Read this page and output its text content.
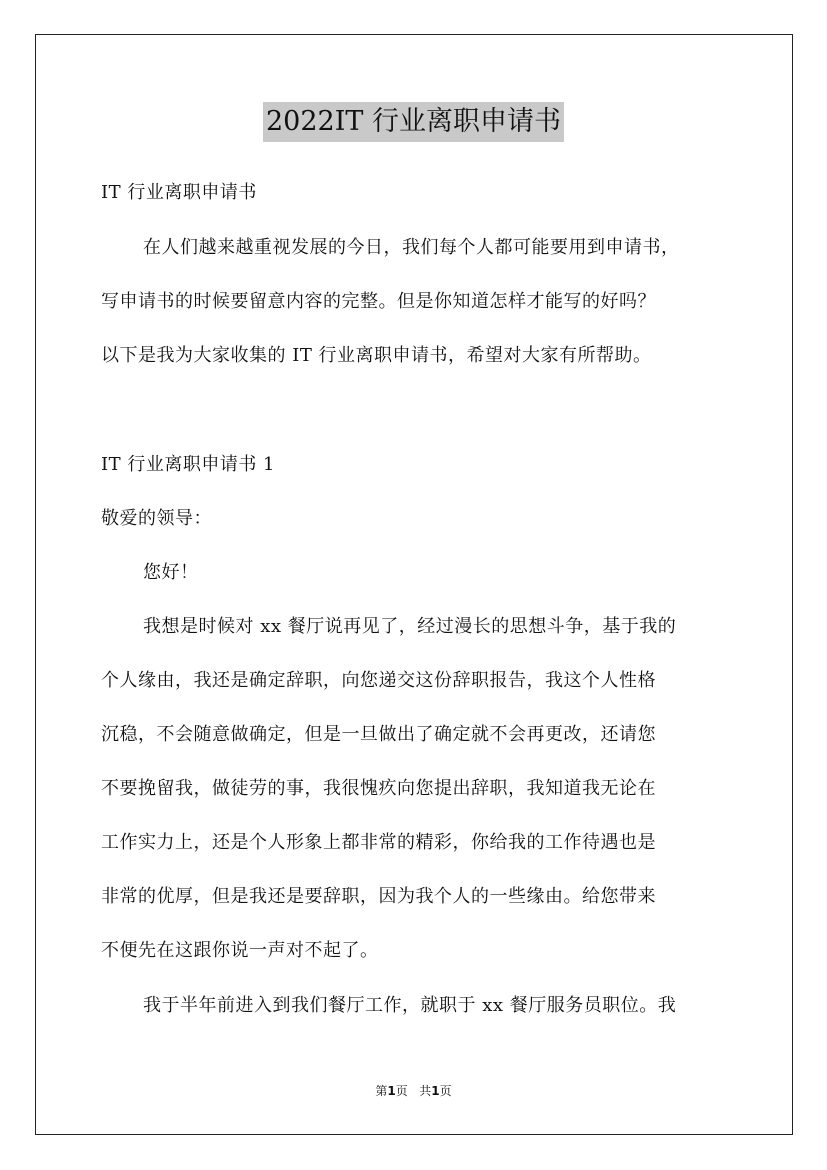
2022IT 行业离职申请书
IT 行业离职申请书
在人们越来越重视发展的今日，我们每个人都可能要用到申请书，
写申请书的时候要留意内容的完整。但是你知道怎样才能写的好吗？
以下是我为大家收集的 IT 行业离职申请书，希望对大家有所帮助。
IT 行业离职申请书 1
敬爱的领导：
您好！
我想是时候对 xx 餐厅说再见了，经过漫长的思想斗争，基于我的
个人缘由，我还是确定辞职，向您递交这份辞职报告，我这个人性格
沉稳，不会随意做确定，但是一旦做出了确定就不会再更改，还请您
不要挽留我，做徒劳的事，我很愧疚向您提出辞职，我知道我无论在
工作实力上，还是个人形象上都非常的精彩，你给我的工作待遇也是
非常的优厚，但是我还是要辞职，因为我个人的一些缘由。给您带来
不便先在这跟你说一声对不起了。
我于半年前进入到我们餐厅工作，就职于 xx 餐厅服务员职位。我
第1页   共1页
